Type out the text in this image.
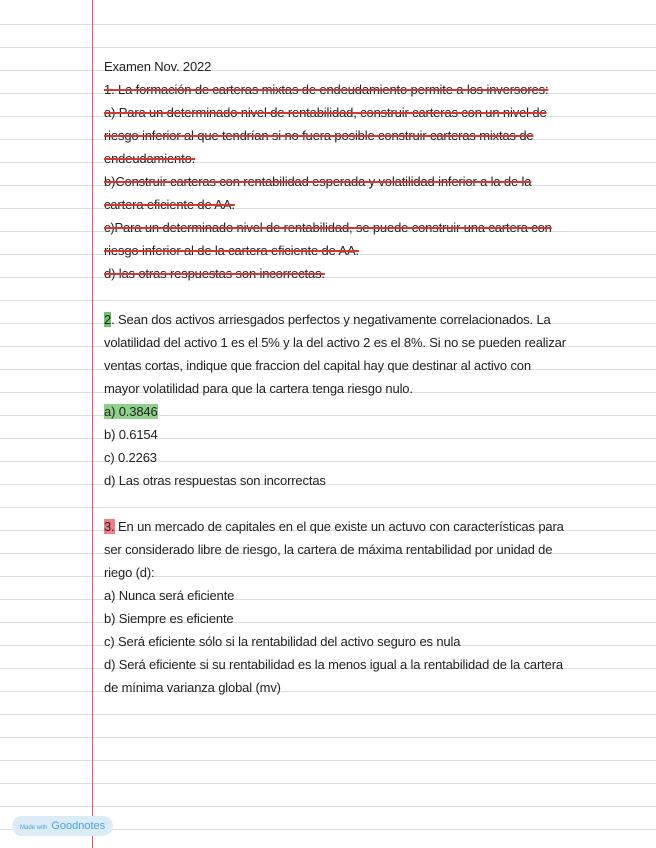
Examen Nov. 2022
1. La formación de carteras mixtas de endeudamiento permite a los inversores:
a) Para un determinado nivel de rentabilidad, construir carteras con un nivel de
riesgo inferior al que tendrían si no fuera posible construir carteras mixtas de
endeudamiento.
b)Construir carteras con rentabilidad esperada y volatilidad inferior a la de la
cartera eficiente de AA.
c)Para un determinado nivel de rentabilidad, se puede construir una cartera con
riesgo inferior al de la cartera eficiente de AA.
d) las otras respuestas son incorrectas.
2. Sean dos activos arriesgados perfectos y negativamente correlacionados. La
volatilidad del activo 1 es el 5% y la del activo 2 es el 8%. Si no se pueden realizar
ventas cortas, indique que fraccion del capital hay que destinar al activo con
mayor volatilidad para que la cartera tenga riesgo nulo.
a) 0.3846
b) 0.6154
c) 0.2263
d) Las otras respuestas son incorrectas
3. En un mercado de capitales en el que existe un actuvo con características para
ser considerado libre de riesgo, la cartera de máxima rentabilidad por unidad de
riego (d):
a) Nunca será eficiente
b) Siempre es eficiente
c) Será eficiente sólo si la rentabilidad del activo seguro es nula
d) Será eficiente si su rentabilidad es la menos igual a la rentabilidad de la cartera
de mínima varianza global (mv)
Made with Goodnotes
